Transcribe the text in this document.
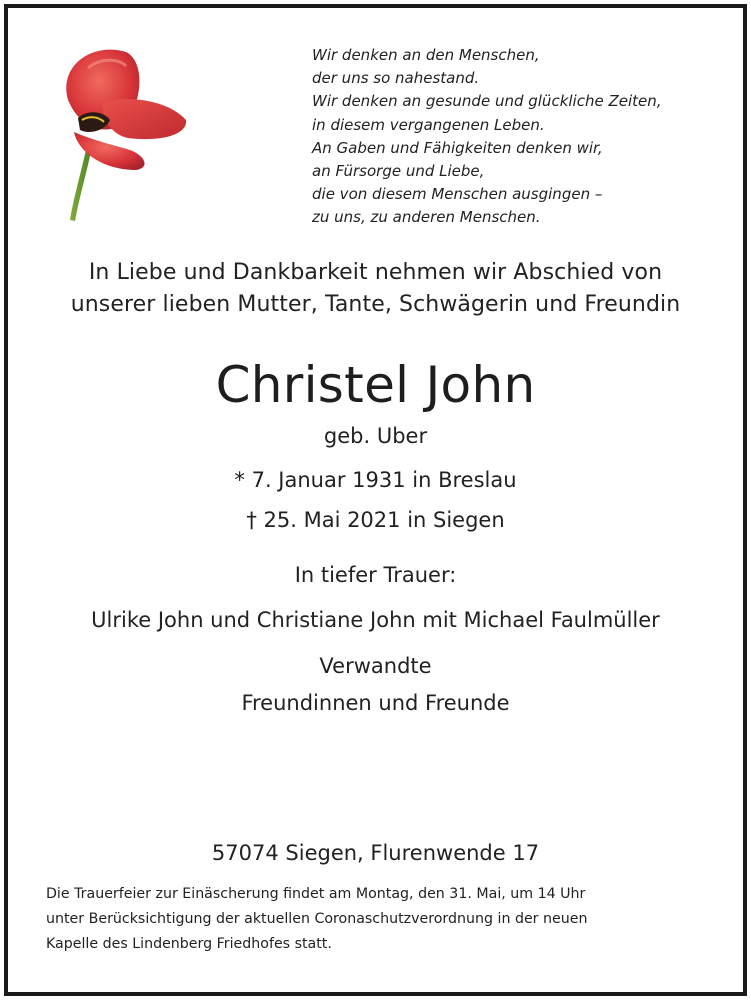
Wir denken an den Menschen,
der uns so nahestand.
Wir denken an gesunde und glückliche Zeiten,
in diesem vergangenen Leben.
An Gaben und Fähigkeiten denken wir,
an Fürsorge und Liebe,
die von diesem Menschen ausgingen –
zu uns, zu anderen Menschen.
In Liebe und Dankbarkeit nehmen wir Abschied von
unserer lieben Mutter, Tante, Schwägerin und Freundin
Christel John
geb. Uber
* 7. Januar 1931 in Breslau
† 25. Mai 2021 in Siegen
In tiefer Trauer:
Ulrike John und Christiane John mit Michael Faulmüller
Verwandte
Freundinnen und Freunde
57074 Siegen, Flurenwende 17
Die Trauerfeier zur Einäscherung findet am Montag, den 31. Mai, um 14 Uhr
unter Berücksichtigung der aktuellen Coronaschutzverordnung in der neuen
Kapelle des Lindenberg Friedhofes statt.
